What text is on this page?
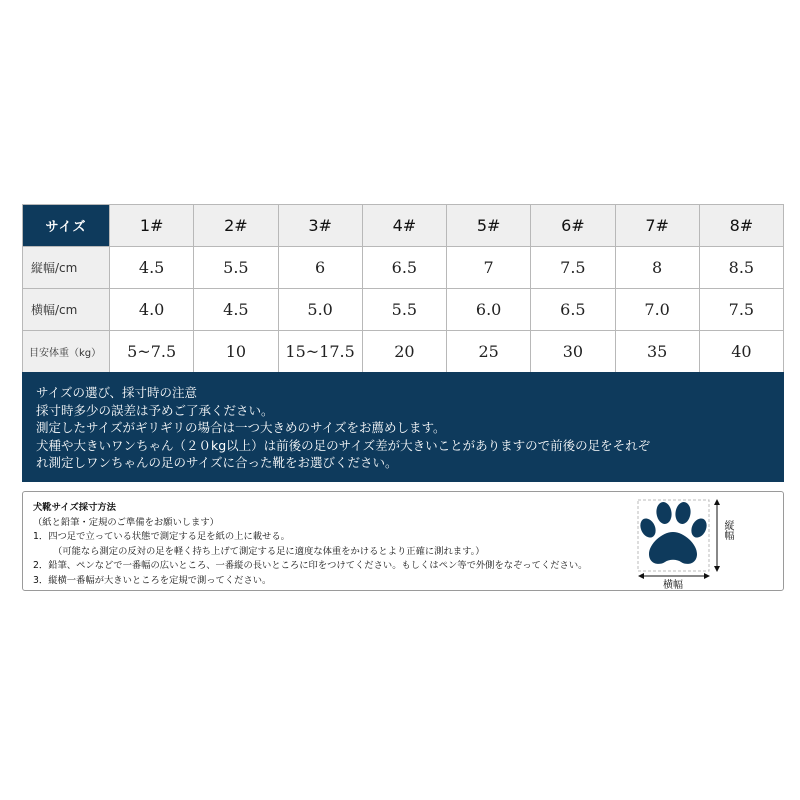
サイズ	1#	2#	3#	4#	5#	6#	7#	8#
縦幅/cm	4.5	5.5	6	6.5	7	7.5	8	8.5
横幅/cm	4.0	4.5	5.0	5.5	6.0	6.5	7.0	7.5
目安体重（kg）	5~7.5	10	15~17.5	20	25	30	35	40
サイズの選び、採寸時の注意
採寸時多少の誤差は予めご了承ください。
測定したサイズがギリギリの場合は一つ大きめのサイズをお薦めします。
犬種や大きいワンちゃん（２０kg以上）は前後の足のサイズ差が大きいことがありますので前後の足をそれぞ
れ測定しワンちゃんの足のサイズに合った靴をお選びください。
犬靴サイズ採寸方法
（紙と鉛筆・定規のご準備をお願いします）
1．四つ足で立っている状態で測定する足を紙の上に載せる。
（可能なら測定の反対の足を軽く持ち上げて測定する足に適度な体重をかけるとより正確に測れます。）
2．鉛筆、ペンなどで一番幅の広いところ、一番縦の長いところに印をつけてください。もしくはペン等で外側をなぞってください。
3．縦横一番幅が大きいところを定規で測ってください。
縦幅
横幅
